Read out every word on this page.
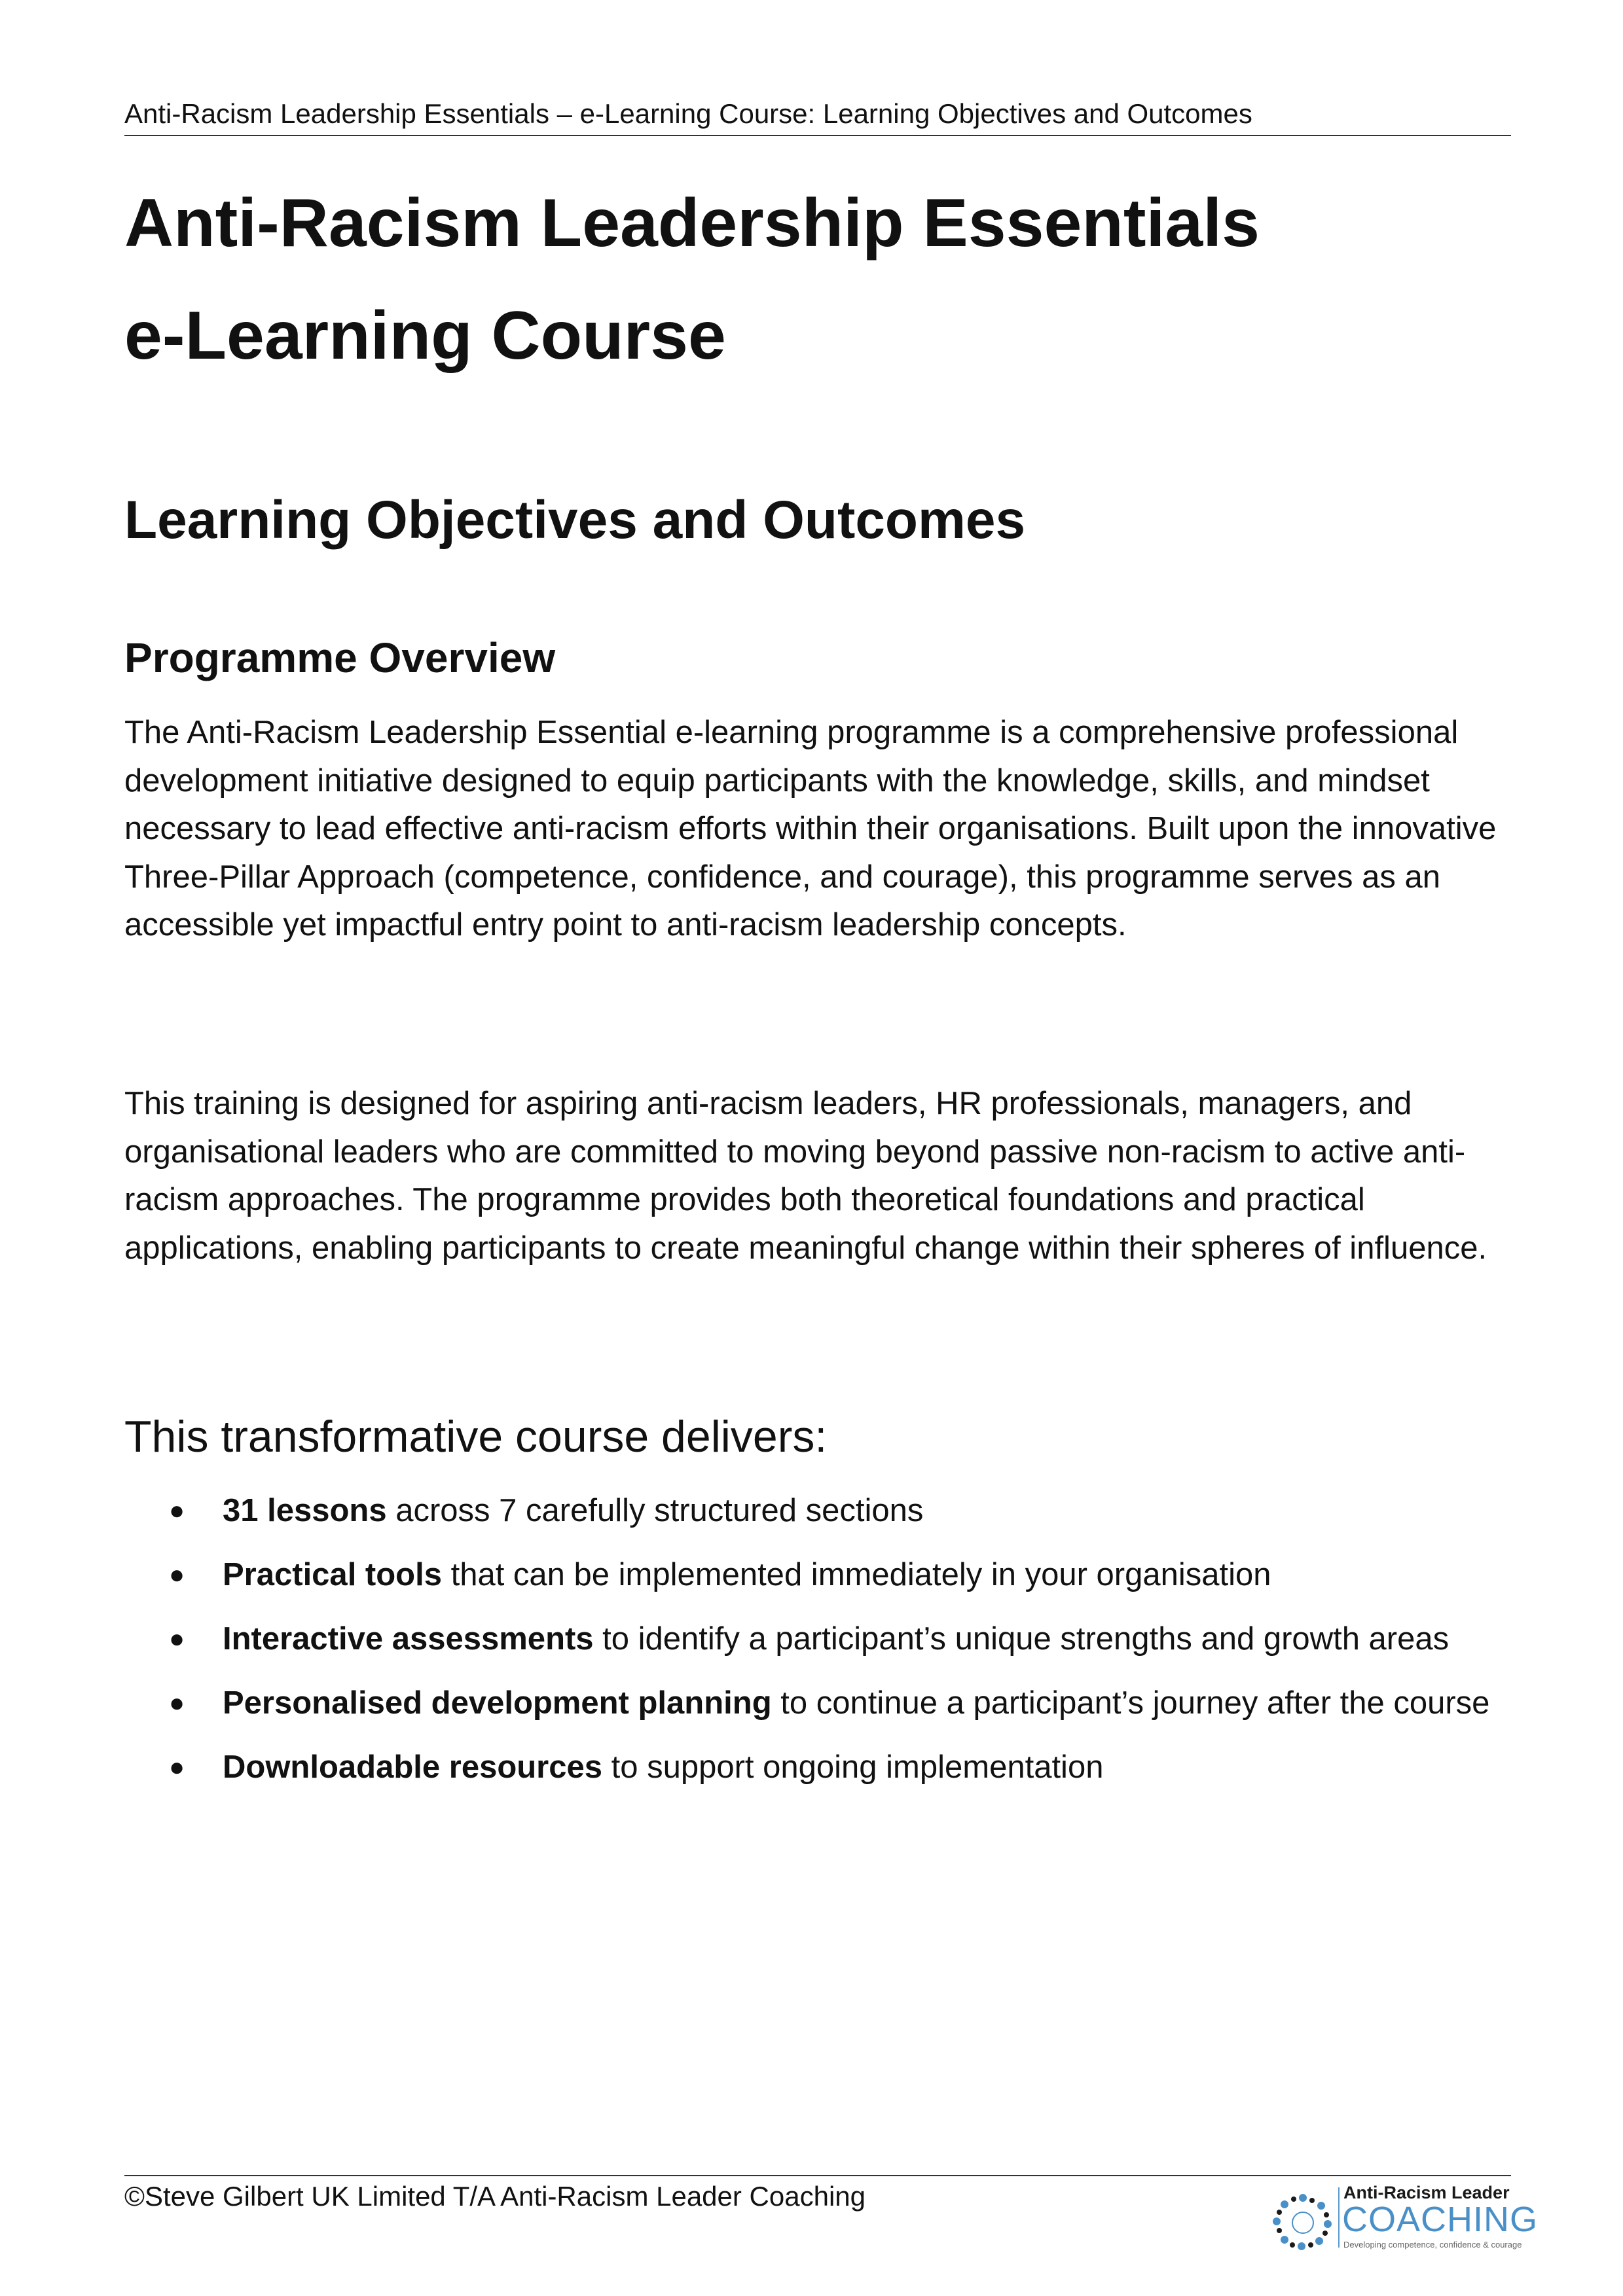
Anti-Racism Leadership Essentials – e-Learning Course: Learning Objectives and Outcomes
Anti-Racism Leadership Essentials
e-Learning Course
Learning Objectives and Outcomes
Programme Overview

The Anti-Racism Leadership Essential e-learning programme is a comprehensive professional development initiative designed to equip participants with the knowledge, skills, and mindset necessary to lead effective anti-racism efforts within their organisations. Built upon the innovative Three-Pillar Approach (competence, confidence, and courage), this programme serves as an accessible yet impactful entry point to anti-racism leadership concepts.

This training is designed for aspiring anti-racism leaders, HR professionals, managers, and organisational leaders who are committed to moving beyond passive non-racism to active anti-racism approaches. The programme provides both theoretical foundations and practical applications, enabling participants to create meaningful change within their spheres of influence.

This transformative course delivers:

● 31 lessons across 7 carefully structured sections
● Practical tools that can be implemented immediately in your organisation
● Interactive assessments to identify a participant’s unique strengths and growth areas
● Personalised development planning to continue a participant’s journey after the course
● Downloadable resources to support ongoing implementation
©Steve Gilbert UK Limited T/A Anti-Racism Leader Coaching	Anti-Racism Leader
COACHING
Developing competence, confidence & courage
